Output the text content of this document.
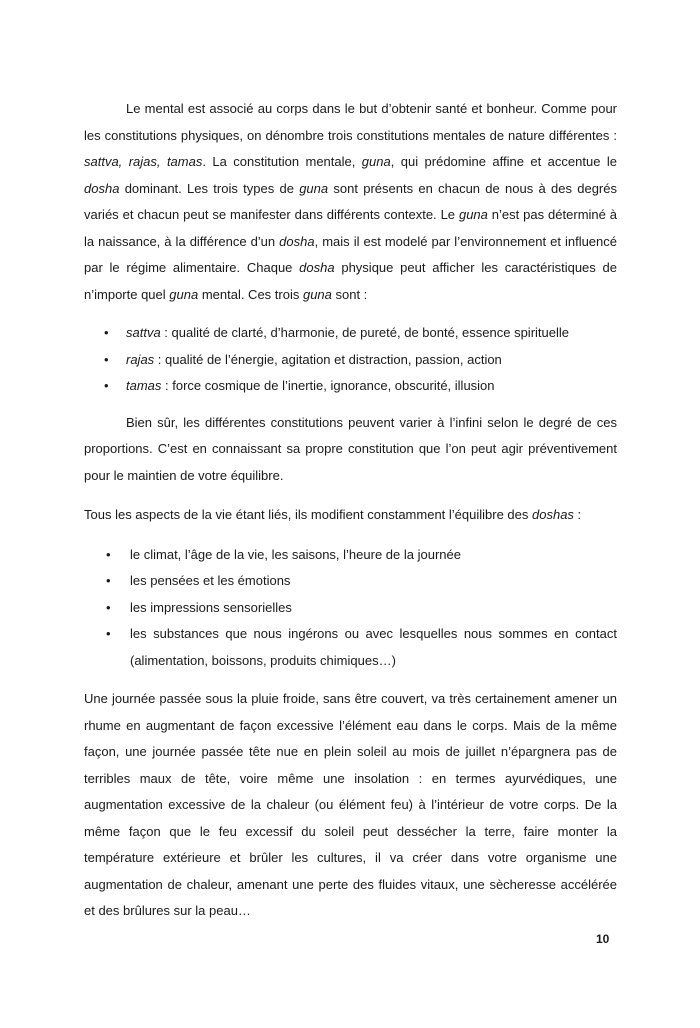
Le mental est associé au corps dans le but d’obtenir santé et bonheur. Comme pour les constitutions physiques, on dénombre trois constitutions mentales de nature différentes : sattva, rajas, tamas. La constitution mentale, guna, qui prédomine affine et accentue le dosha dominant. Les trois types de guna sont présents en chacun de nous à des degrés variés et chacun peut se manifester dans différents contexte. Le guna n’est pas déterminé à la naissance, à la différence d’un dosha, mais il est modelé par l’environnement et influencé par le régime alimentaire. Chaque dosha physique peut afficher les caractéristiques de n’importe quel guna mental. Ces trois guna sont :

• sattva : qualité de clarté, d’harmonie, de pureté, de bonté, essence spirituelle
• rajas : qualité de l’énergie, agitation et distraction, passion, action
• tamas : force cosmique de l’inertie, ignorance, obscurité, illusion

Bien sûr, les différentes constitutions peuvent varier à l’infini selon le degré de ces proportions. C’est en connaissant sa propre constitution que l’on peut agir préventivement pour le maintien de votre équilibre.

Tous les aspects de la vie étant liés, ils modifient constamment l’équilibre des doshas :

• le climat, l’âge de la vie, les saisons, l’heure de la journée
• les pensées et les émotions
• les impressions sensorielles
• les substances que nous ingérons ou avec lesquelles nous sommes en contact (alimentation, boissons, produits chimiques…)

Une journée passée sous la pluie froide, sans être couvert, va très certainement amener un rhume en augmentant de façon excessive l’élément eau dans le corps. Mais de la même façon, une journée passée tête nue en plein soleil au mois de juillet n’épargnera pas de terribles maux de tête, voire même une insolation : en termes ayurvédiques, une augmentation excessive de la chaleur (ou élément feu) à l’intérieur de votre corps. De la même façon que le feu excessif du soleil peut dessécher la terre, faire monter la température extérieure et brûler les cultures, il va créer dans votre organisme une augmentation de chaleur, amenant une perte des fluides vitaux, une sècheresse accélérée et des brûlures sur la peau…

10
